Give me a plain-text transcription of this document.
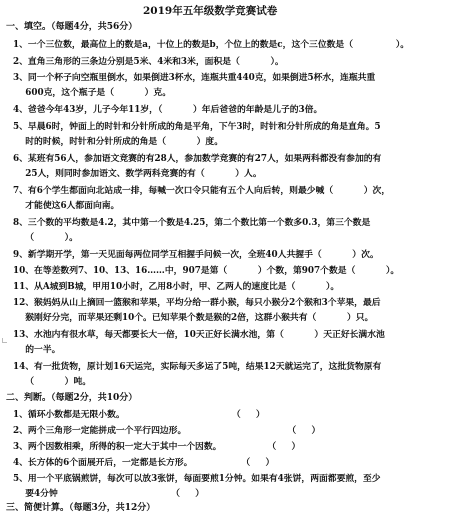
2019年五年级数学竞赛试卷
一、填空。（每题4分，共56分）
1、一个三位数，最高位上的数是a，十位上的数是b，个位上的数是c，这个三位数是（              ）。
2、直角三角形的三条边分别是5米、4米和3米，面积是（          ）。
3、同一个杯子向空瓶里倒水，如果倒进3杯水，连瓶共重440克，如果倒进5杯水，连瓶共重
600克，这个瓶子是（          ）克。
4、爸爸今年43岁，儿子今年11岁，（          ）年后爸爸的年龄是儿子的3倍。
5、早晨6时，钟面上的时针和分针所成的角是平角，下午3时，时针和分针所成的角是直角。5
时的时候，时针和分针所成的角是（          ）度。
6、某班有56人，参加语文竞赛的有28人，参加数学竞赛的有27人，如果两科都没有参加的有
25人，则同时参加语文、数学两科竞赛的有（          ）人。
7、有6个学生都面向北站成一排，每喊一次口令只能有五个人向后转，则最少喊（          ）次，
才能使这6人都面向南。
8、三个数的平均数是4.2，其中第一个数是4.25，第二个数比第一个数多0.3，第三个数是
（          ）。
9、新学期开学，第一天见面每两位同学互相握手问候一次，全班40人共握手（          ）次。
10、在等差数列7、10、13、16……中，907是第（          ）个数，第907个数是（          ）。
11、从A城到B城，甲用10小时，乙用8小时，甲、乙两人的速度比是（          ）。
12、猴妈妈从山上摘回一篮猴和苹果，平均分给一群小猴，每只小猴分2个猴和3个苹果，最后
猴刚好分完，而苹果还剩10个。已知苹果个数是猴的2倍，这群小猴共有（          ）只。
13、水池内有很水草，每天都要长大一倍，10天正好长满水池，第（          ）天正好长满水池
的一半。
14、有一批货物，原计划16天运完，实际每天多运了5吨，结果12天就运完了，这批货物原有
（          ）吨。
二、判断。（每题2分，共10分）
1、循环小数都是无限小数。                                   （     ）
2、两个三角形一定能拼成一个平行四边形。                                 （     ）
3、两个因数相乘，所得的积一定大于其中一个因数。               （     ）
4、长方体的6个面展开后，一定都是长方形。                （     ）
5、用一个平底锅煎饼，每次可以放3张饼，每面要煎1分钟。如果有4张饼，两面都要煎，至少
要4分钟                                     （     ）
三、简便计算。（每题3分，共12分）
